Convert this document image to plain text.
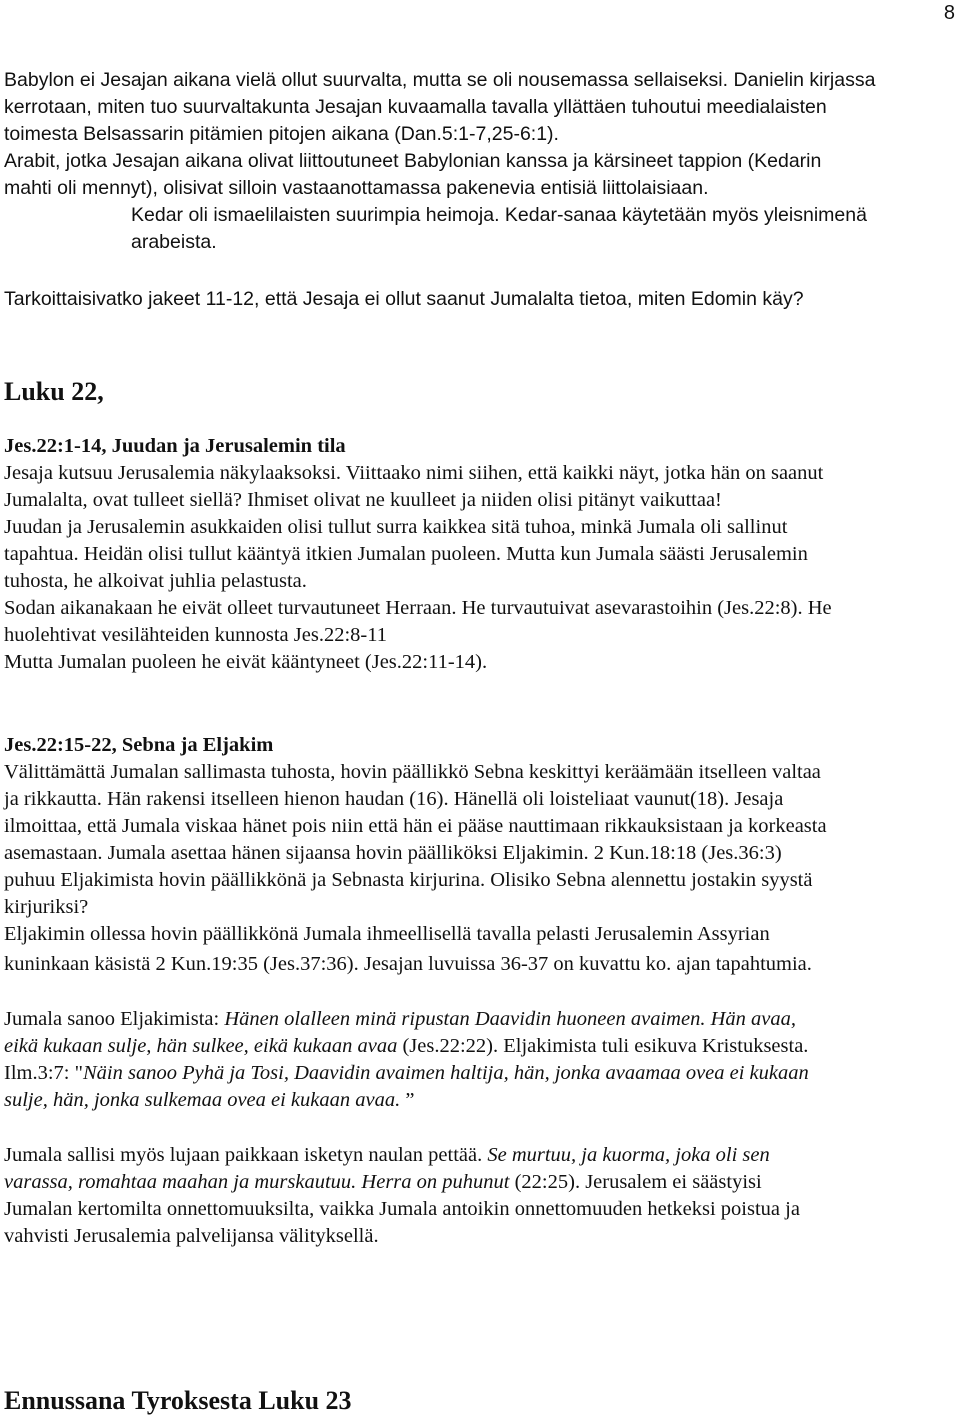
8
Babylon ei Jesajan aikana vielä ollut suurvalta, mutta se oli nousemassa sellaiseksi. Danielin kirjassa
kerrotaan, miten tuo suurvaltakunta Jesajan kuvaamalla tavalla yllättäen tuhoutui meedialaisten
toimesta Belsassarin pitämien pitojen aikana (Dan.5:1-7,25-6:1).
Arabit, jotka Jesajan aikana olivat liittoutuneet Babylonian kanssa ja kärsineet tappion (Kedarin
mahti oli mennyt), olisivat silloin vastaanottamassa pakenevia entisiä liittolaisiaan.
Kedar oli ismaelilaisten suurimpia heimoja. Kedar-sanaa käytetään myös yleisnimenä
arabeista.
Tarkoittaisivatko jakeet 11-12, että Jesaja ei ollut saanut Jumalalta tietoa, miten Edomin käy?
Luku 22,
Jes.22:1-14, Juudan ja Jerusalemin tila
Jesaja kutsuu Jerusalemia näkylaaksoksi. Viittaako nimi siihen, että kaikki näyt, jotka hän on saanut
Jumalalta, ovat tulleet siellä? Ihmiset olivat ne kuulleet ja niiden olisi pitänyt vaikuttaa!
Juudan ja Jerusalemin asukkaiden olisi tullut surra kaikkea sitä tuhoa, minkä Jumala oli sallinut
tapahtua. Heidän olisi tullut kääntyä itkien Jumalan puoleen. Mutta kun Jumala säästi Jerusalemin
tuhosta, he alkoivat juhlia pelastusta.
Sodan aikanakaan he eivät olleet turvautuneet Herraan. He turvautuivat asevarastoihin (Jes.22:8). He
huolehtivat vesilähteiden kunnosta Jes.22:8-11
Mutta Jumalan puoleen he eivät kääntyneet (Jes.22:11-14).
Jes.22:15-22, Sebna ja Eljakim
Välittämättä Jumalan sallimasta tuhosta, hovin päällikkö Sebna keskittyi keräämään itselleen valtaa
ja rikkautta. Hän rakensi itselleen hienon haudan (16). Hänellä oli loisteliaat vaunut(18). Jesaja
ilmoittaa, että Jumala viskaa hänet pois niin että hän ei pääse nauttimaan rikkauksistaan ja korkeasta
asemastaan. Jumala asettaa hänen sijaansa hovin päälliköksi Eljakimin. 2 Kun.18:18 (Jes.36:3)
puhuu Eljakimista hovin päällikkönä ja Sebnasta kirjurina. Olisiko Sebna alennettu jostakin syystä
kirjuriksi?
Eljakimin ollessa hovin päällikkönä Jumala ihmeellisellä tavalla pelasti Jerusalemin Assyrian
kuninkaan käsistä 2 Kun.19:35 (Jes.37:36). Jesajan luvuissa 36-37 on kuvattu ko. ajan tapahtumia.
Jumala sanoo Eljakimista: Hänen olalleen minä ripustan Daavidin huoneen avaimen. Hän avaa,
eikä kukaan sulje, hän sulkee, eikä kukaan avaa (Jes.22:22). Eljakimista tuli esikuva Kristuksesta.
Ilm.3:7: "Näin sanoo Pyhä ja Tosi, Daavidin avaimen haltija, hän, jonka avaamaa ovea ei kukaan
sulje, hän, jonka sulkemaa ovea ei kukaan avaa. ”
Jumala sallisi myös lujaan paikkaan isketyn naulan pettää. Se murtuu, ja kuorma, joka oli sen
varassa, romahtaa maahan ja murskautuu. Herra on puhunut (22:25). Jerusalem ei säästyisi
Jumalan kertomilta onnettomuuksilta, vaikka Jumala antoikin onnettomuuden hetkeksi poistua ja
vahvisti Jerusalemia palvelijansa välityksellä.
Ennussana Tyroksesta Luku 23
